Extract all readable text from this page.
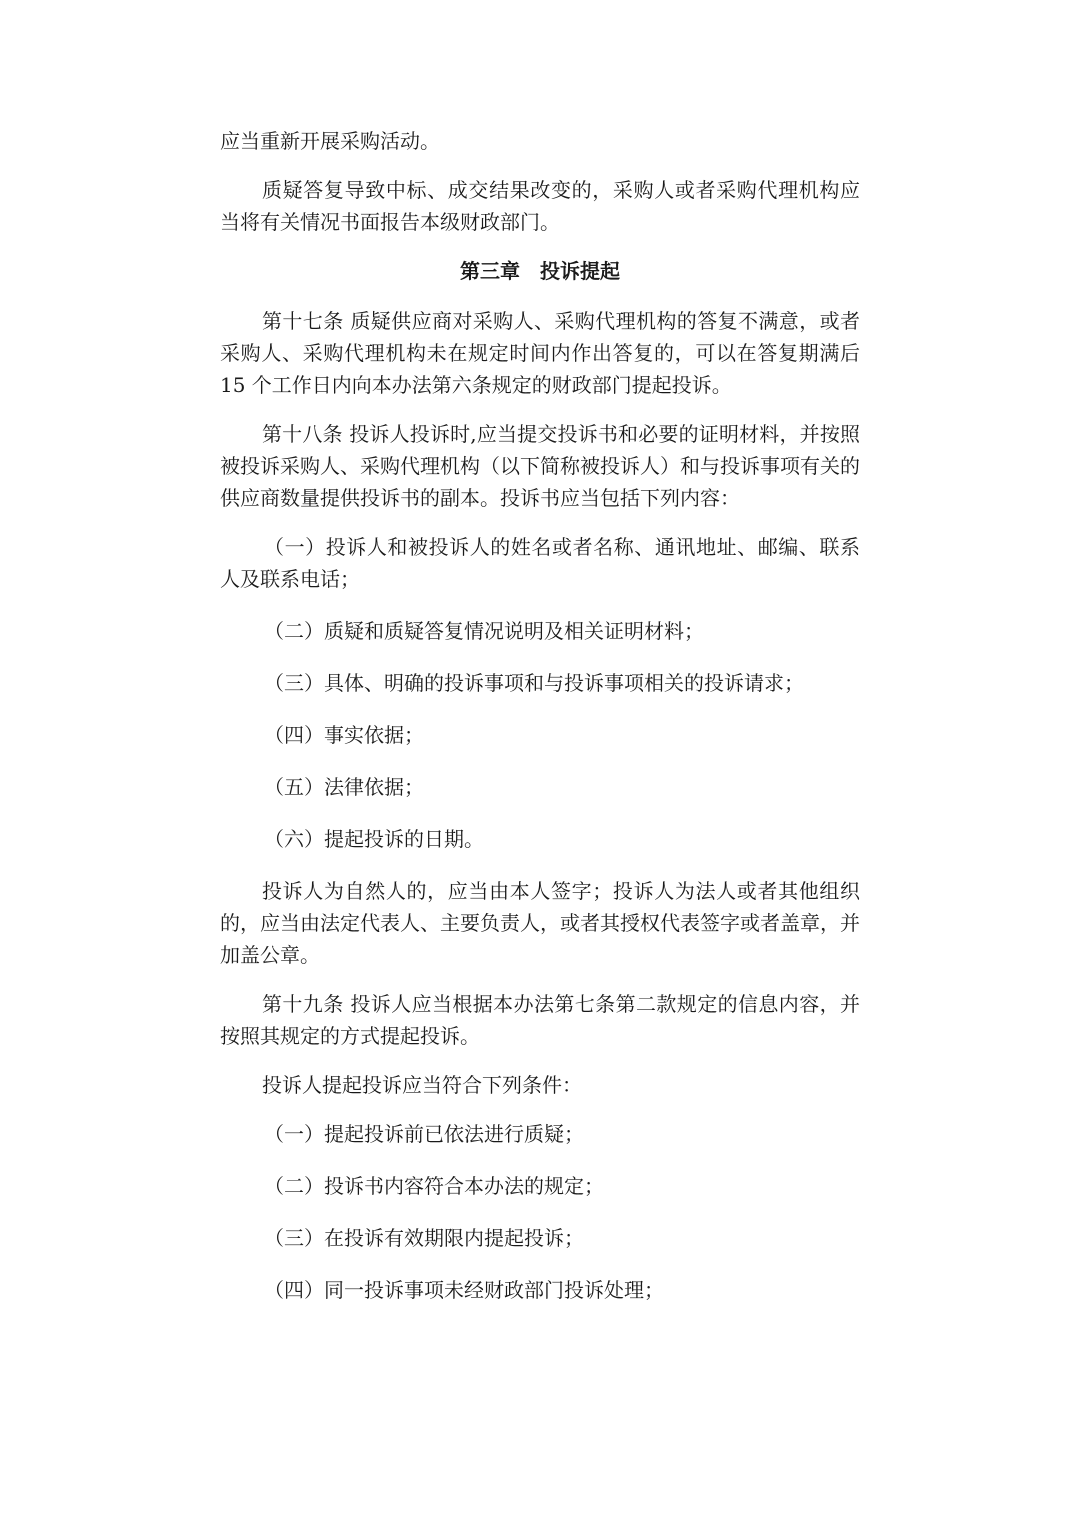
应当重新开展采购活动。

质疑答复导致中标、成交结果改变的，采购人或者采购代理机构应当将有关情况书面报告本级财政部门。

第三章　投诉提起

第十七条 质疑供应商对采购人、采购代理机构的答复不满意，或者采购人、采购代理机构未在规定时间内作出答复的，可以在答复期满后 15 个工作日内向本办法第六条规定的财政部门提起投诉。

第十八条 投诉人投诉时,应当提交投诉书和必要的证明材料，并按照被投诉采购人、采购代理机构（以下简称被投诉人）和与投诉事项有关的供应商数量提供投诉书的副本。投诉书应当包括下列内容：

（一）投诉人和被投诉人的姓名或者名称、通讯地址、邮编、联系人及联系电话；

（二）质疑和质疑答复情况说明及相关证明材料；

（三）具体、明确的投诉事项和与投诉事项相关的投诉请求；

（四）事实依据；

（五）法律依据；

（六）提起投诉的日期。

投诉人为自然人的，应当由本人签字；投诉人为法人或者其他组织的，应当由法定代表人、主要负责人，或者其授权代表签字或者盖章，并加盖公章。

第十九条 投诉人应当根据本办法第七条第二款规定的信息内容，并按照其规定的方式提起投诉。

投诉人提起投诉应当符合下列条件：

（一）提起投诉前已依法进行质疑；

（二）投诉书内容符合本办法的规定；

（三）在投诉有效期限内提起投诉；

（四）同一投诉事项未经财政部门投诉处理；
